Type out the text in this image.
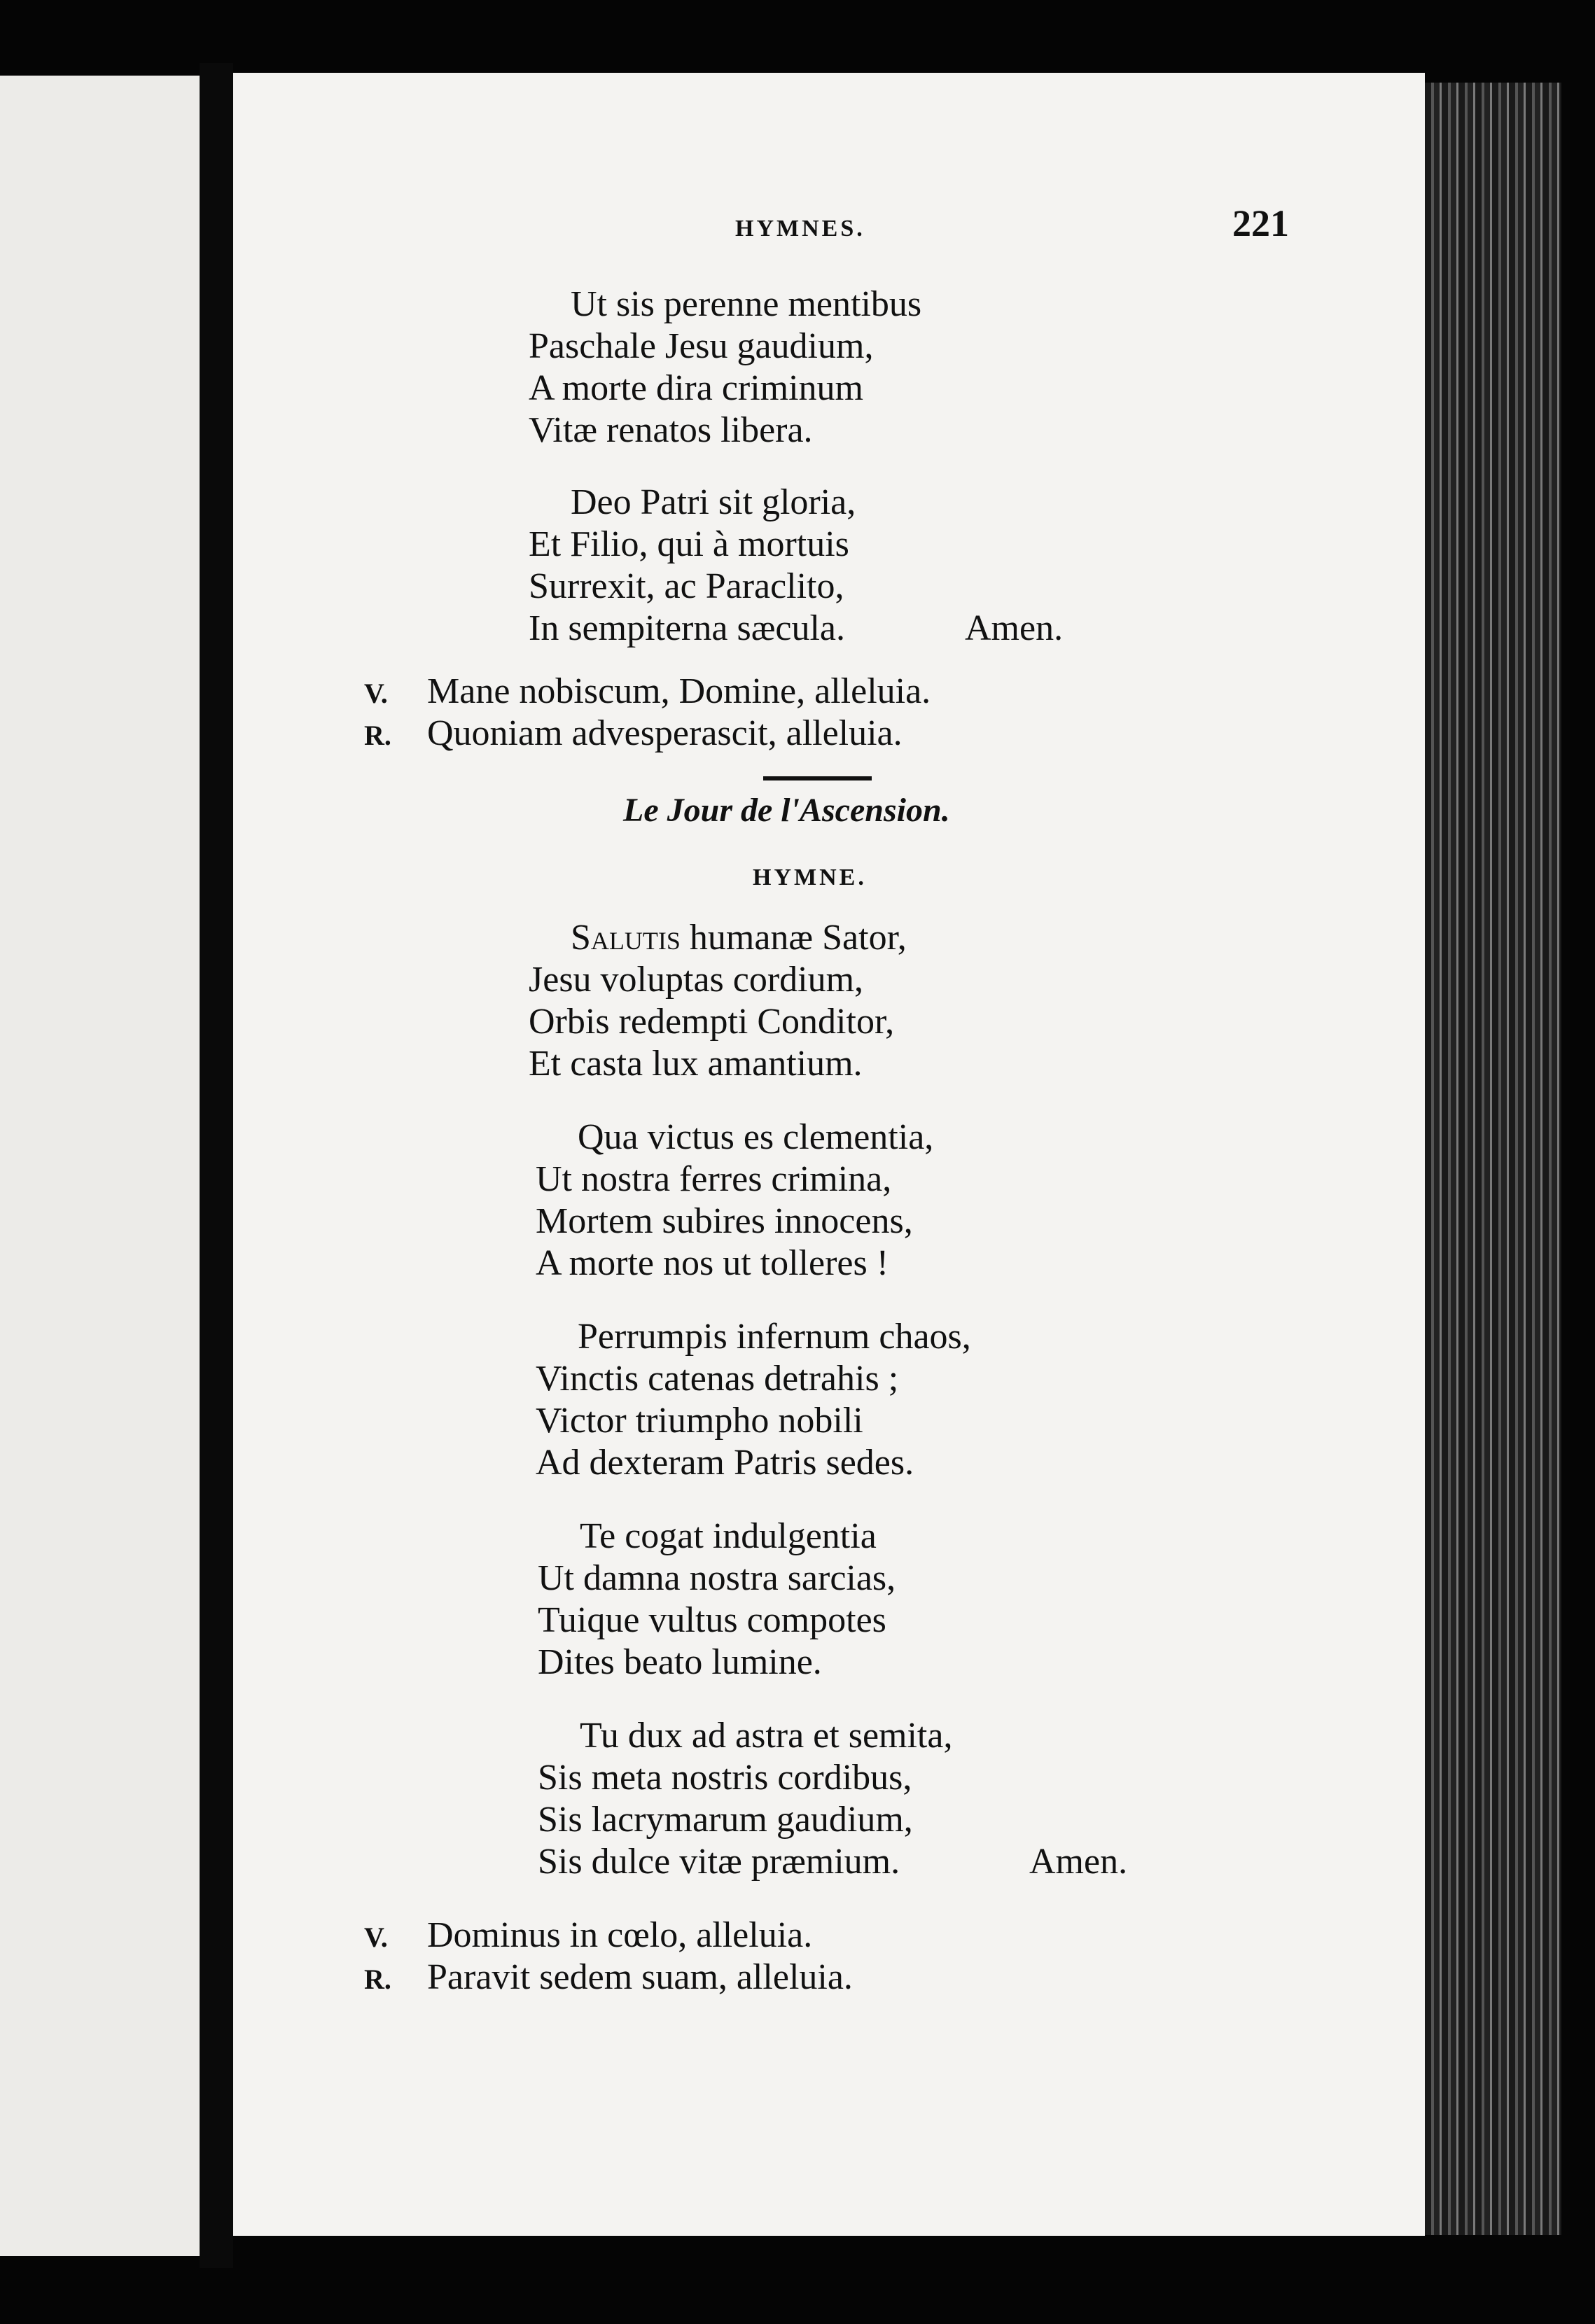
HYMNES.	221
Ut sis perenne mentibus
Paschale Jesu gaudium,
A morte dira criminum
Vitæ renatos libera.
Deo Patri sit gloria,
Et Filio, qui à mortuis
Surrexit, ac Paraclito,
In sempiterna sæcula.	Amen.
V. Mane nobiscum, Domine, alleluia.
R. Quoniam advesperascit, alleluia.
Le Jour de l'Ascension.
HYMNE.
Salutis humanæ Sator,
Jesu voluptas cordium,
Orbis redempti Conditor,
Et casta lux amantium.
Qua victus es clementia,
Ut nostra ferres crimina,
Mortem subires innocens,
A morte nos ut tolleres !
Perrumpis infernum chaos,
Vinctis catenas detrahis ;
Victor triumpho nobili
Ad dexteram Patris sedes.
Te cogat indulgentia
Ut damna nostra sarcias,
Tuique vultus compotes
Dites beato lumine.
Tu dux ad astra et semita,
Sis meta nostris cordibus,
Sis lacrymarum gaudium,
Sis dulce vitæ præmium.	Amen.
V. Dominus in cœlo, alleluia.
R. Paravit sedem suam, alleluia.
